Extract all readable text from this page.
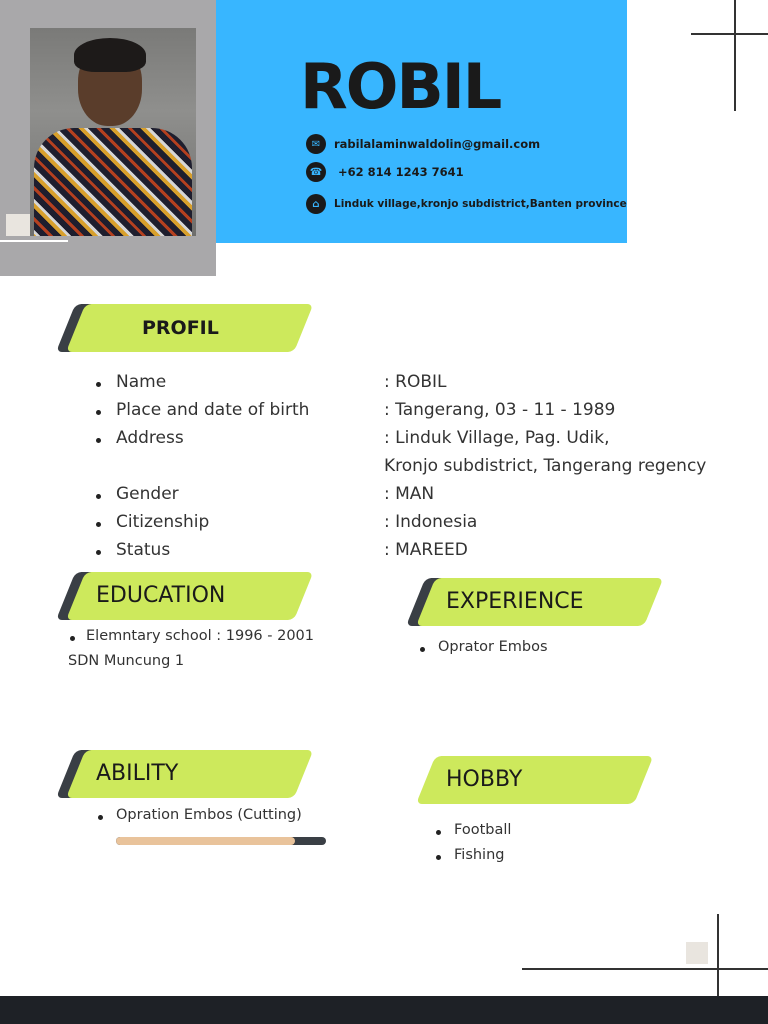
ROBIL
✉	rabilalaminwaldolin@gmail.com
☎	+62 814 1243 7641
⌂	Linduk village,kronjo subdistrict,Banten province
PROFIL
Name	: ROBIL
Place and date of birth	: Tangerang, 03 - 11 - 1989
Address	: Linduk Village, Pag. Udik,
Kronjo subdistrict, Tangerang regency
Gender	: MAN
Citizenship	: Indonesia
Status	: MAREED
EDUCATION
Elemntary school : 1996 - 2001
SDN Muncung 1
EXPERIENCE
Oprator Embos
ABILITY
Opration Embos (Cutting)
HOBBY
Football
Fishing
